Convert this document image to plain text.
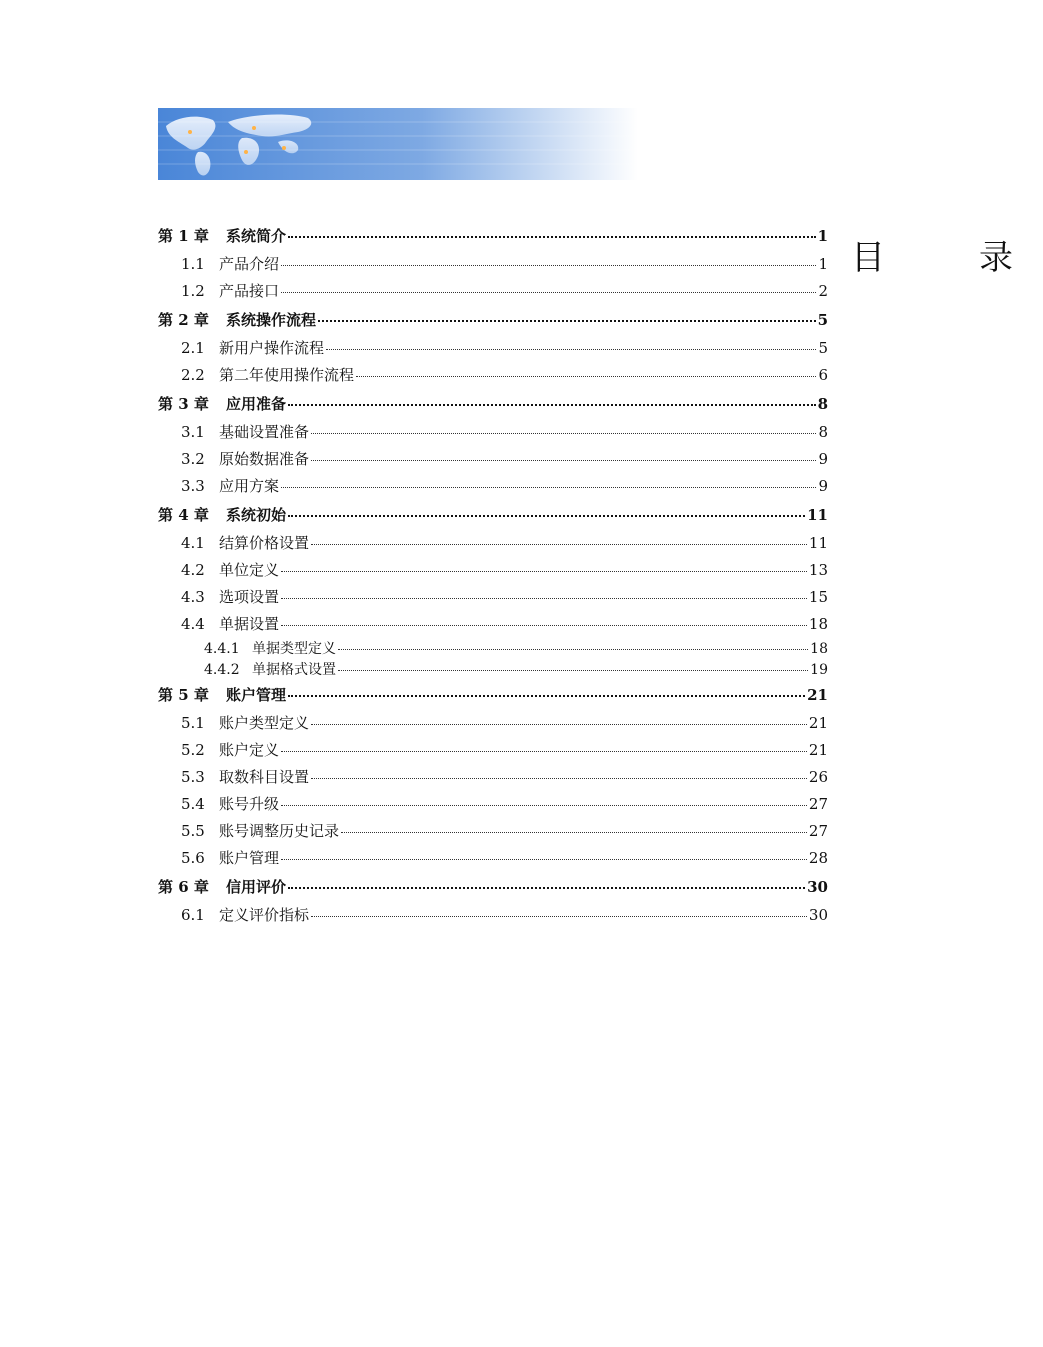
目　录
第 1 章	系统简介	1
1.1 产品介绍	1
1.2 产品接口	2
第 2 章	系统操作流程	5
2.1 新用户操作流程	5
2.2 第二年使用操作流程	6
第 3 章	应用准备	8
3.1 基础设置准备	8
3.2 原始数据准备	9
3.3 应用方案	9
第 4 章	系统初始	11
4.1 结算价格设置	11
4.2 单位定义	13
4.3 选项设置	15
4.4 单据设置	18
4.4.1 单据类型定义	18
4.4.2 单据格式设置	19
第 5 章	账户管理	21
5.1 账户类型定义	21
5.2 账户定义	21
5.3 取数科目设置	26
5.4 账号升级	27
5.5 账号调整历史记录	27
5.6 账户管理	28
第 6 章	信用评价	30
6.1 定义评价指标	30
